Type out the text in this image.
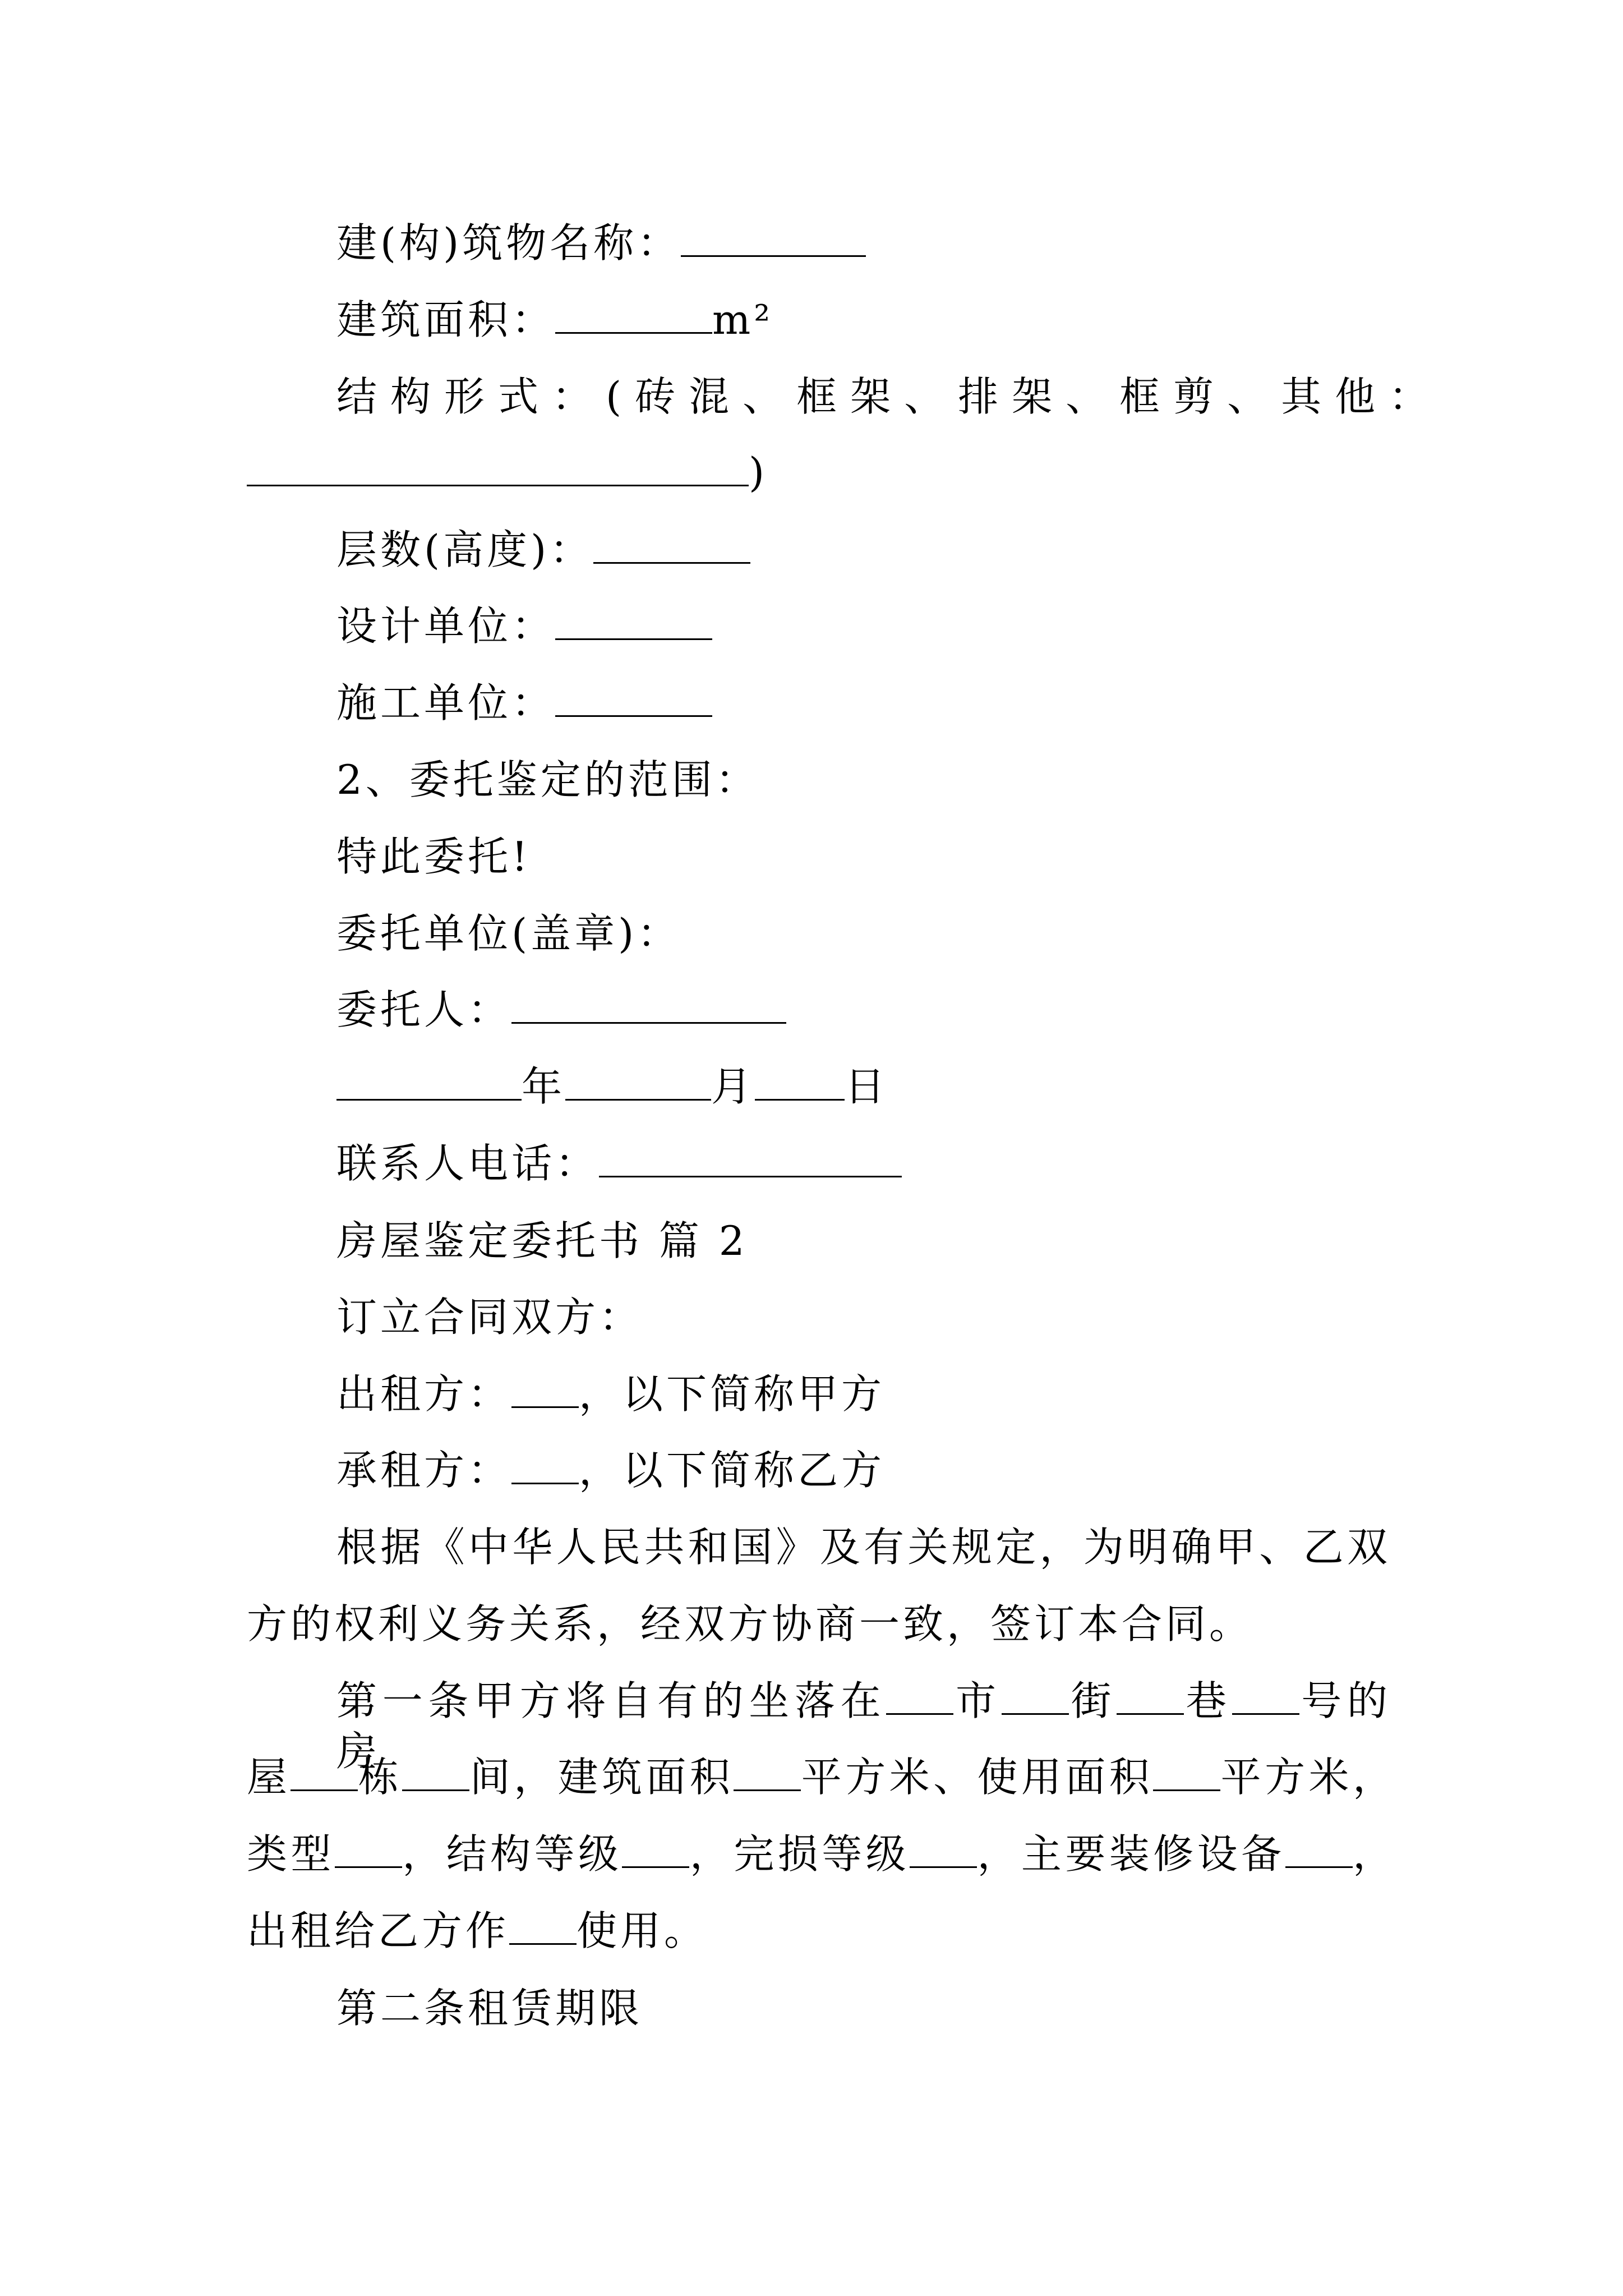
建(构)筑物名称：
建筑面积：	m²
结构形式：(砖混、框架、排架、框剪、其他：
)
层数(高度)：
设计单位：
施工单位：
2、委托鉴定的范围：
特此委托!
委托单位(盖章)：
委托人：
年	月 日
联系人电话：
房屋鉴定委托书 篇 2
订立合同双方：
出租方： ，以下简称甲方
承租方： ，以下简称乙方
根据《中华人民共和国》及有关规定，为明确甲、乙双
方的权利义务关系，经双方协商一致，签订本合同。
第一条甲方将自有的坐落在 市 街 巷 号的房
屋 栋 间，建筑面积 平方米、使用面积 平方米，
类型 ，结构等级 ，完损等级 ，主要装修设备 ，
出租给乙方作 使用。
第二条租赁期限
